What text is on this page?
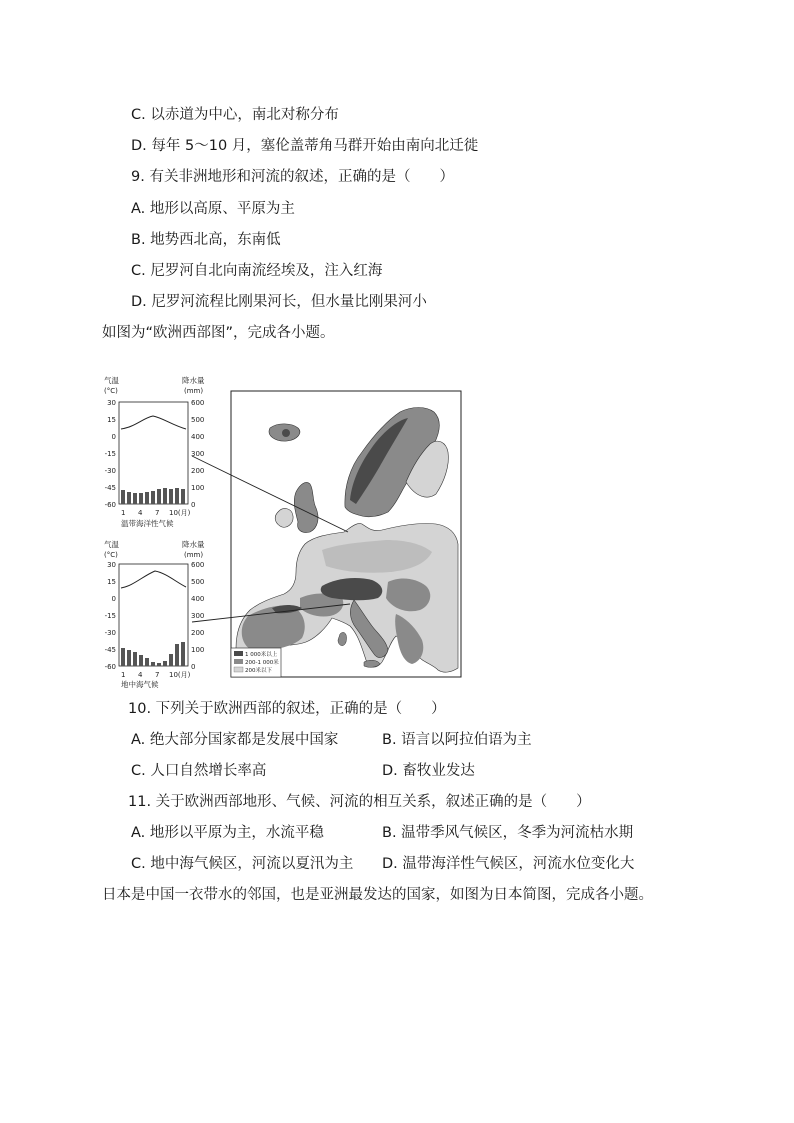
C. 以赤道为中心，南北对称分布
D. 每年 5～10 月，塞伦盖蒂角马群开始由南向北迁徙
9. 有关非洲地形和河流的叙述，正确的是（　　）
A. 地形以高原、平原为主
B. 地势西北高，东南低
C. 尼罗河自北向南流经埃及，注入红海
D. 尼罗河流程比刚果河长，但水量比刚果河小
如图为“欧洲西部图”，完成各小题。
气温
(°C)
降水量
(mm)
30
15
0
-15
-30
-45
-60
600
500
400
300
200
100
0
1 4 7 10(月)
温带海洋性气候
气温
(°C)
降水量
(mm)
30
15
0
-15
-30
-45
-60
600
500
400
300
200
100
0
1 4 7 10(月)
地中海气候
1 000米以上
200-1 000米
200米以下
10. 下列关于欧洲西部的叙述，正确的是（　　）
A. 绝大部分国家都是发展中国家	B. 语言以阿拉伯语为主
C. 人口自然增长率高	D. 畜牧业发达
11. 关于欧洲西部地形、气候、河流的相互关系，叙述正确的是（　　）
A. 地形以平原为主，水流平稳	B. 温带季风气候区，冬季为河流枯水期
C. 地中海气候区，河流以夏汛为主 D. 温带海洋性气候区，河流水位变化大
日本是中国一衣带水的邻国，也是亚洲最发达的国家，如图为日本简图，完成各小题。
